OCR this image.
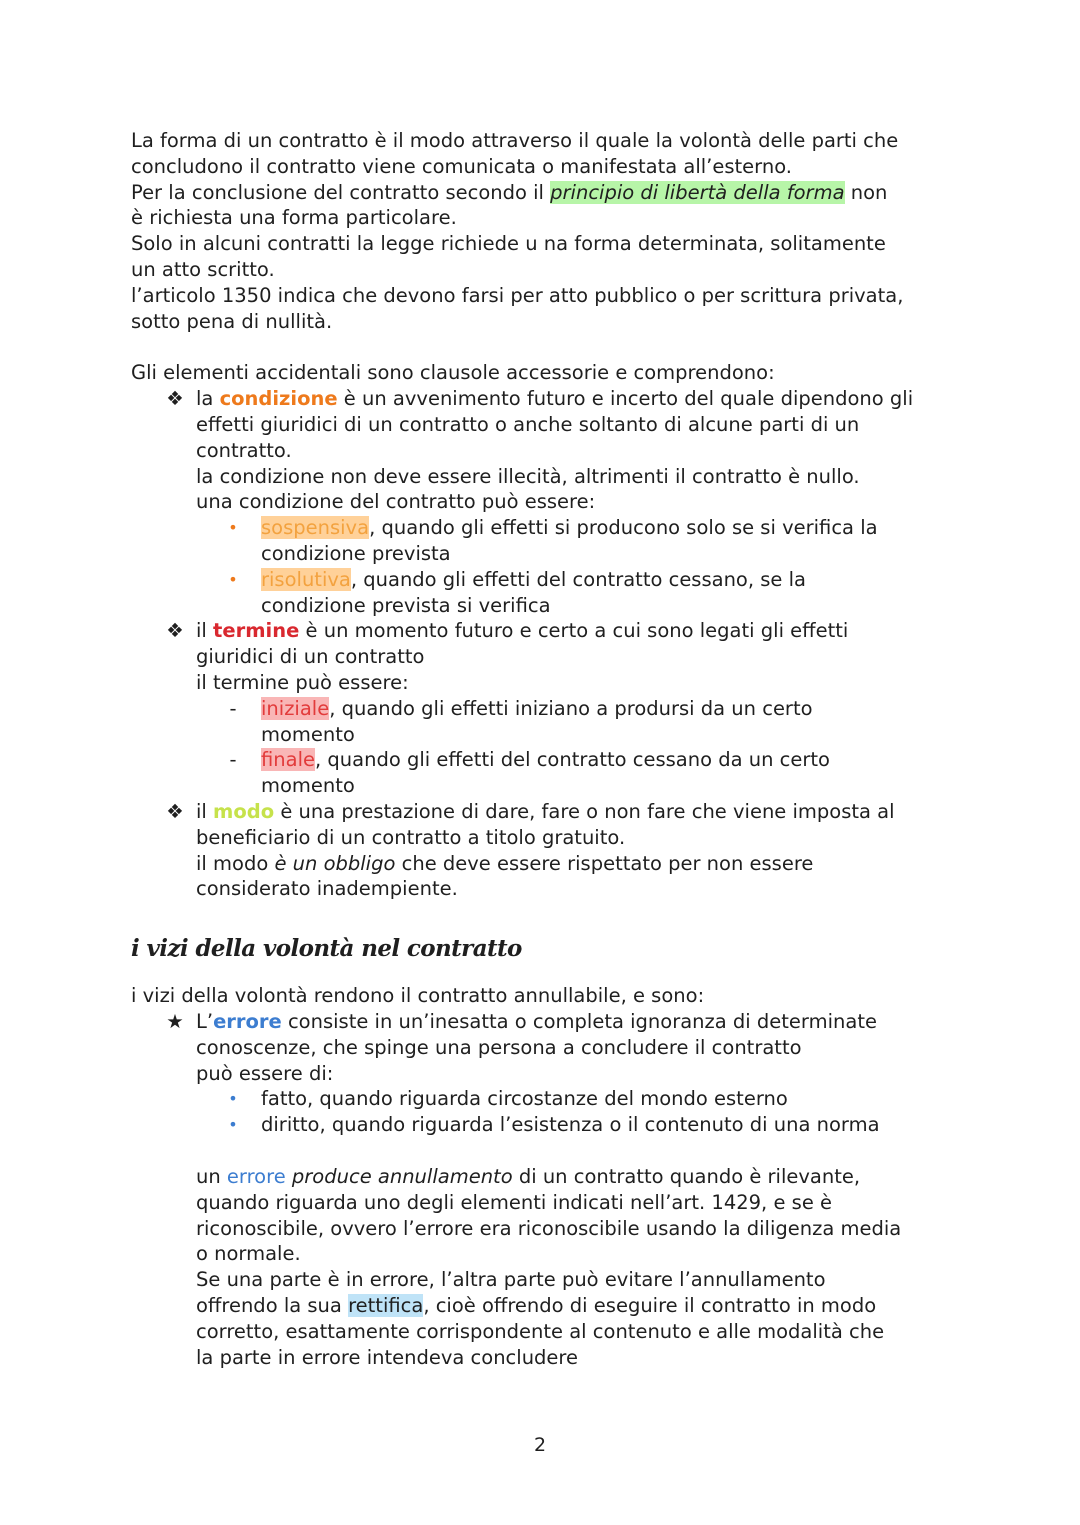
La forma di un contratto è il modo attraverso il quale la volontà delle parti che

concludono il contratto viene comunicata o manifestata all’esterno.

Per la conclusione del contratto secondo il principio di libertà della forma non

è richiesta una forma particolare.

Solo in alcuni contratti la legge richiede u na forma determinata, solitamente

un atto scritto.

l’articolo 1350 indica che devono farsi per atto pubblico o per scrittura privata,

sotto pena di nullità.

Gli elementi accidentali sono clausole accessorie e comprendono:

❖ la condizione è un avvenimento futuro e incerto del quale dipendono gli

effetti giuridici di un contratto o anche soltanto di alcune parti di un

contratto.

la condizione non deve essere illecità, altrimenti il contratto è nullo.

una condizione del contratto può essere:

• sospensiva, quando gli effetti si producono solo se si verifica la

condizione prevista

• risolutiva, quando gli effetti del contratto cessano, se la

condizione prevista si verifica

❖ il termine è un momento futuro e certo a cui sono legati gli effetti

giuridici di un contratto

il termine può essere:

-	iniziale, quando gli effetti iniziano a prodursi da un certo

momento

-	finale, quando gli effetti del contratto cessano da un certo

momento

❖ il modo è una prestazione di dare, fare o non fare che viene imposta al

beneficiario di un contratto a titolo gratuito.

il modo è un obbligo che deve essere rispettato per non essere

considerato inadempiente.

i vizi della volontà nel contratto

i vizi della volontà rendono il contratto annullabile, e sono:

★ L’errore consiste in un’inesatta o completa ignoranza di determinate

conoscenze, che spinge una persona a concludere il contratto

può essere di:

• fatto, quando riguarda circostanze del mondo esterno

• diritto, quando riguarda l’esistenza o il contenuto di una norma

un errore produce annullamento di un contratto quando è rilevante,

quando riguarda uno degli elementi indicati nell’art. 1429, e se è

riconoscibile, ovvero l’errore era riconoscibile usando la diligenza media

o normale.

Se una parte è in errore, l’altra parte può evitare l’annullamento

offrendo la sua rettifica, cioè offrendo di eseguire il contratto in modo

corretto, esattamente corrispondente al contenuto e alle modalità che

la parte in errore intendeva concludere

2
